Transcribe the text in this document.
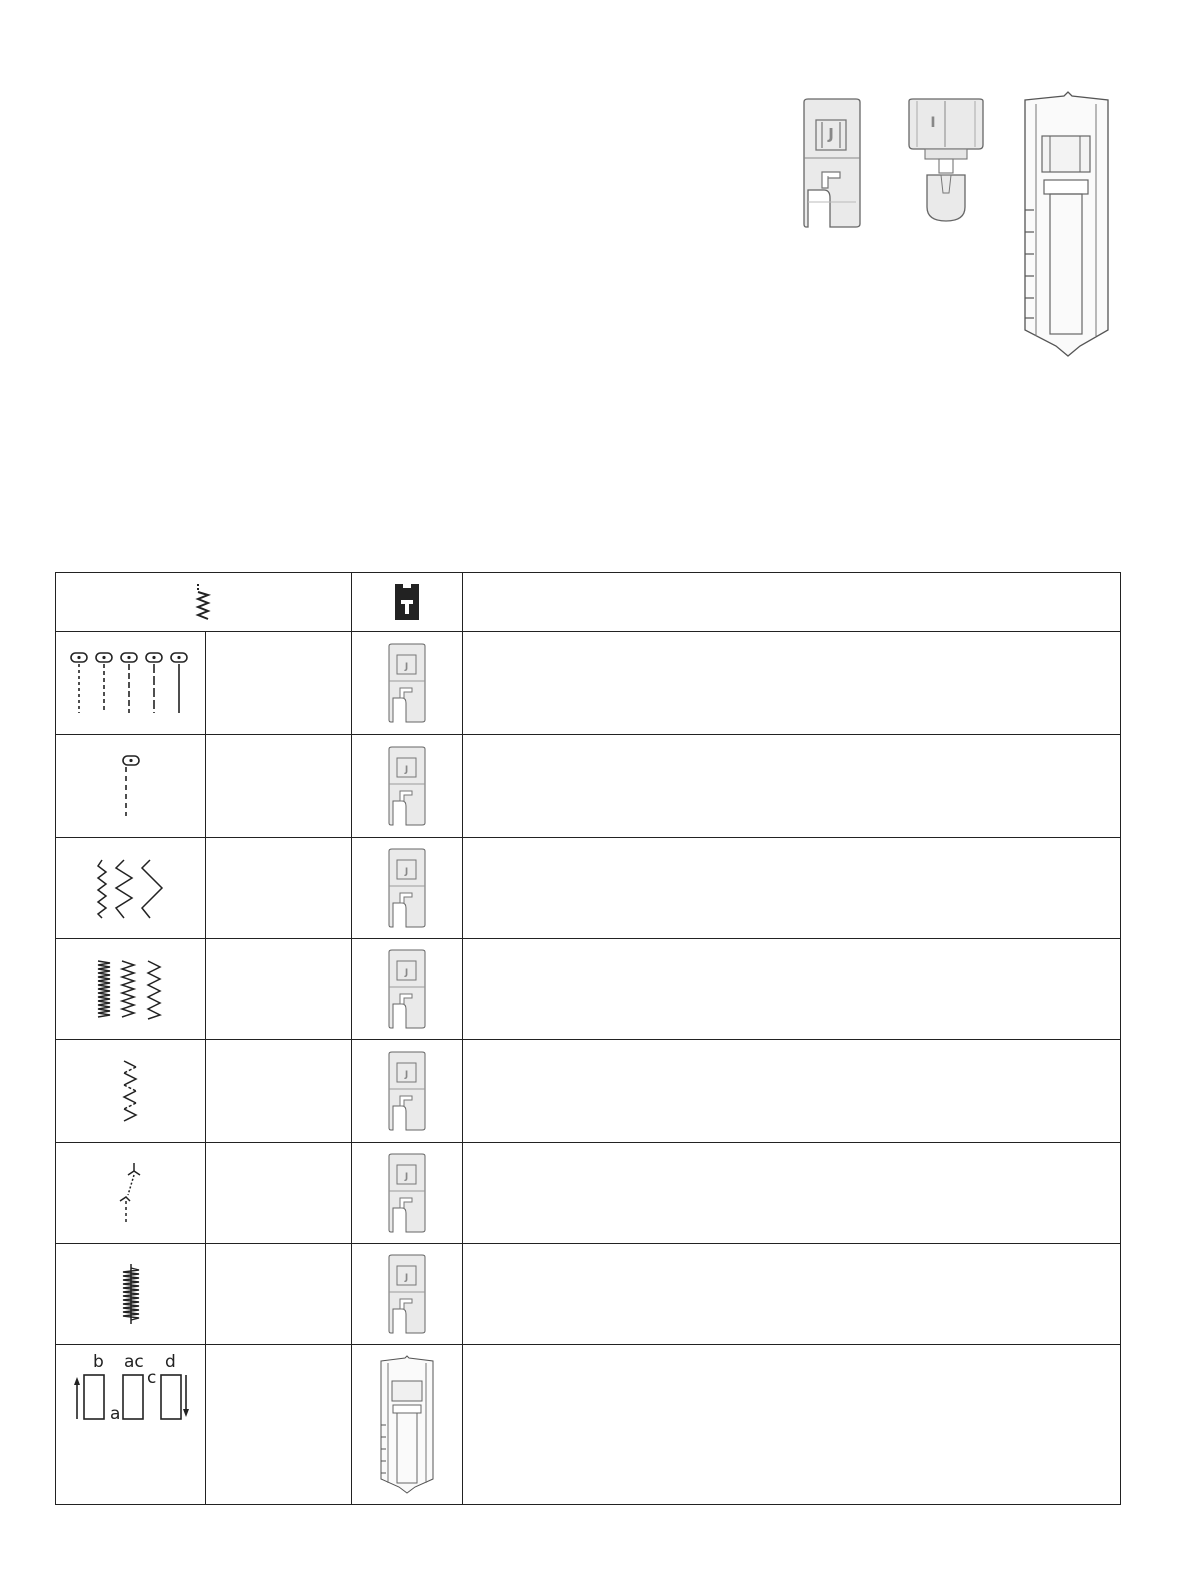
J
I

J	

J	

J	

J	

J	

J	

J	

b ac d
c
a
